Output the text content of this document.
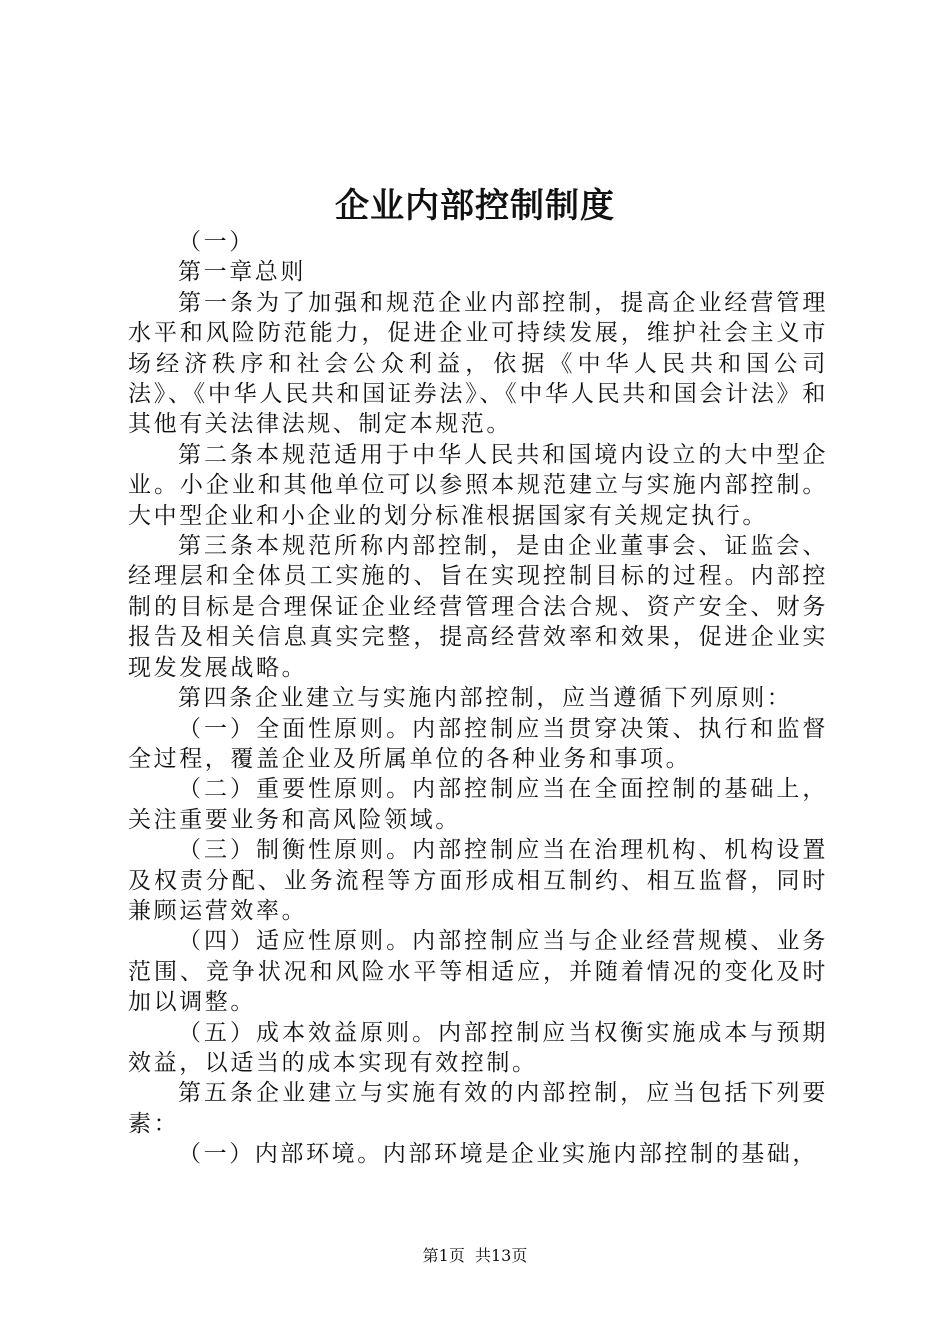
企业内部控制制度

（一）

第一章总则

第一条为了加强和规范企业内部控制，提高企业经营管理水平和风险防范能力，促进企业可持续发展，维护社会主义市场经济秩序和社会公众利益，依据《中华人民共和国公司法》、《中华人民共和国证券法》、《中华人民共和国会计法》和其他有关法律法规、制定本规范。

第二条本规范适用于中华人民共和国境内设立的大中型企业。小企业和其他单位可以参照本规范建立与实施内部控制。大中型企业和小企业的划分标准根据国家有关规定执行。

第三条本规范所称内部控制，是由企业董事会、证监会、经理层和全体员工实施的、旨在实现控制目标的过程。内部控制的目标是合理保证企业经营管理合法合规、资产安全、财务报告及相关信息真实完整，提高经营效率和效果，促进企业实现发发展战略。

第四条企业建立与实施内部控制，应当遵循下列原则：

（一）全面性原则。内部控制应当贯穿决策、执行和监督全过程，覆盖企业及所属单位的各种业务和事项。

（二）重要性原则。内部控制应当在全面控制的基础上，关注重要业务和高风险领域。

（三）制衡性原则。内部控制应当在治理机构、机构设置及权责分配、业务流程等方面形成相互制约、相互监督，同时兼顾运营效率。

（四）适应性原则。内部控制应当与企业经营规模、业务范围、竞争状况和风险水平等相适应，并随着情况的变化及时加以调整。

（五）成本效益原则。内部控制应当权衡实施成本与预期效益，以适当的成本实现有效控制。

第五条企业建立与实施有效的内部控制，应当包括下列要素：

（一）内部环境。内部环境是企业实施内部控制的基础，

第1页  共13页
